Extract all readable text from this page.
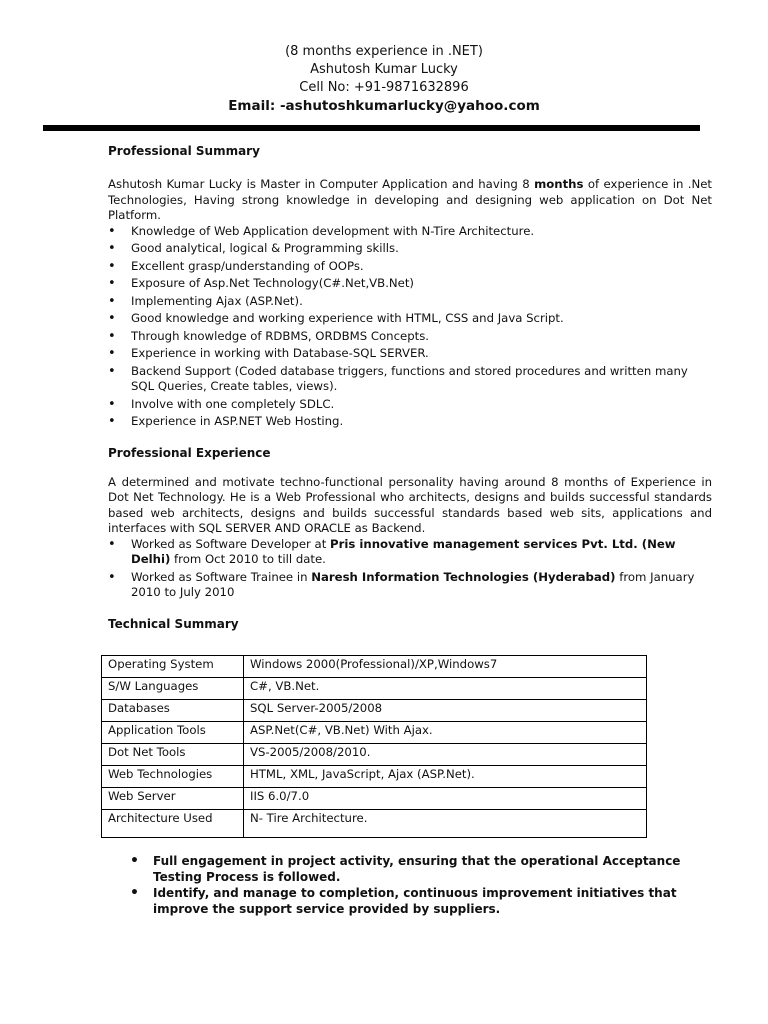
(8 months experience in .NET)
Ashutosh Kumar Lucky
Cell No: +91-9871632896
Email: -ashutoshkumarlucky@yahoo.com
Professional Summary

Ashutosh Kumar Lucky is Master in Computer Application and having 8 months of experience in .Net Technologies, Having strong knowledge in developing and designing web application on Dot Net Platform.

• Knowledge of Web Application development with N-Tire Architecture.
• Good analytical, logical & Programming skills.
• Excellent grasp/understanding of OOPs.
• Exposure of Asp.Net Technology(C#.Net,VB.Net)
• Implementing Ajax (ASP.Net).
• Good knowledge and working experience with HTML, CSS and Java Script.
• Through knowledge of RDBMS, ORDBMS Concepts.
• Experience in working with Database-SQL SERVER.
• Backend Support (Coded database triggers, functions and stored procedures and written many SQL Queries, Create tables, views).
• Involve with one completely SDLC.
• Experience in ASP.NET Web Hosting.
Professional Experience

A determined and motivate techno-functional personality having around 8 months of Experience in Dot Net Technology. He is a Web Professional who architects, designs and builds successful standards based web architects, designs and builds successful standards based web sits, applications and interfaces with SQL SERVER AND ORACLE as Backend.

• Worked as Software Developer at Pris innovative management services Pvt. Ltd. (New Delhi) from Oct 2010 to till date.
• Worked as Software Trainee in Naresh Information Technologies (Hyderabad) from January 2010 to July 2010
Technical Summary
Operating System	Windows 2000(Professional)/XP,Windows7
S/W Languages	C#, VB.Net.
Databases	SQL Server-2005/2008
Application Tools	ASP.Net(C#, VB.Net) With Ajax.
Dot Net Tools	VS-2005/2008/2010.
Web Technologies	HTML, XML, JavaScript, Ajax (ASP.Net).
Web Server	IIS 6.0/7.0
Architecture Used	N- Tire Architecture.
• Full engagement in project activity, ensuring that the operational Acceptance Testing Process is followed.
• Identify, and manage to completion, continuous improvement initiatives that improve the support service provided by suppliers.
